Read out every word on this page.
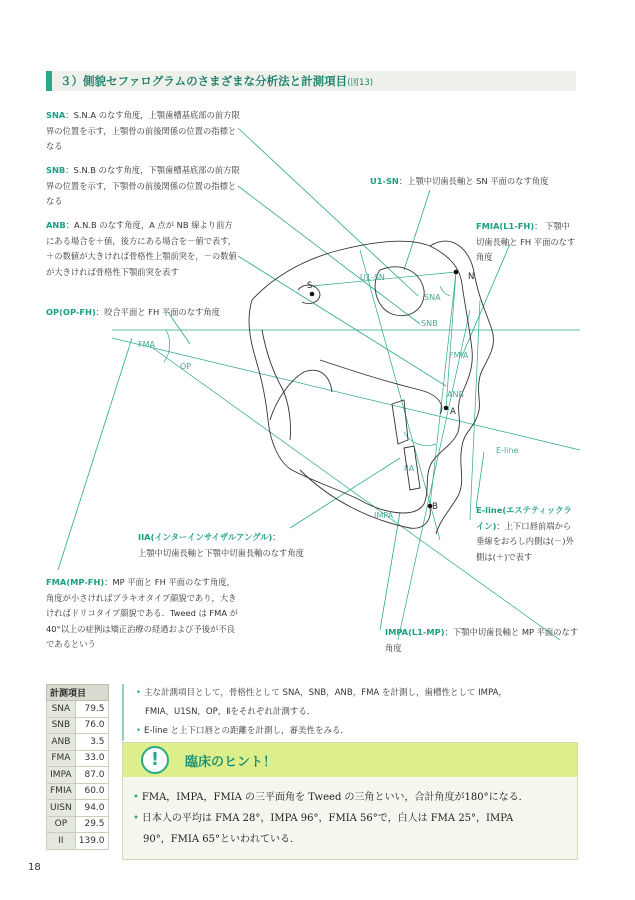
３）側貌セファログラムのさまざまな分析法と計測項目(図13)
U1-SN
SNA
SNB
FMIA
ANB
E-line
IIA
IMPA
FMA
OP
S
N
A
B
SNA：S.N.A のなす角度，上顎歯槽基底部の前方限界の位置を示す，上顎骨の前後関係の位置の指標となる
SNB：S.N.B のなす角度，下顎歯槽基底部の前方限界の位置を示す，下顎骨の前後関係の位置の指標となる
ANB：A.N.B のなす角度，A 点が NB 線より前方にある場合を＋値，後方にある場合を－値で表す，＋の数値が大きければ骨格性上顎前突を，－の数値が大きければ骨格性下顎前突を表す
OP(OP-FH)：咬合平面と FH 平面のなす角度
U1-SN：上顎中切歯長軸と SN 平面のなす角度
FMIA(L1-FH)： 下顎中切歯長軸と FH 平面のなす角度
E-line(エステティックライン)：上下口唇前端から垂線をおろし内側は(－)外側は(＋)で表す
IIA(インターインサイザルアングル)：
上顎中切歯長軸と下顎中切歯長軸のなす角度
FMA(MP-FH)：MP 平面と FH 平面のなす角度，角度が小さければブラキオタイプ顔貌であり，大きければドリコタイプ顔貌である．Tweed は FMA が40°以上の症例は矯正治療の経過および予後が不良であるという
IMPA(L1-MP)：下顎中切歯長軸と MP 平面のなす角度
計測項目	
SNA	79.5
SNB	76.0
ANB	3.5
FMA	33.0
IMPA	87.0
FMIA	60.0
UISN	94.0
OP	29.5
II	139.0
• 主な計測項目として，骨格性として SNA，SNB，ANB，FMA を計測し，歯槽性として IMPA，
FMIA，U1SN，OP，Ⅱをそれぞれ計測する．
• E-line と上下口唇との距離を計測し，審美性をみる．
!	臨床のヒント！
• FMA，IMPA，FMIA の三平面角を Tweed の三角といい，合計角度が180°になる．
• 日本人の平均は FMA 28°，IMPA 96°，FMIA 56°で，白人は FMA 25°，IMPA
90°，FMIA 65°といわれている．
18
